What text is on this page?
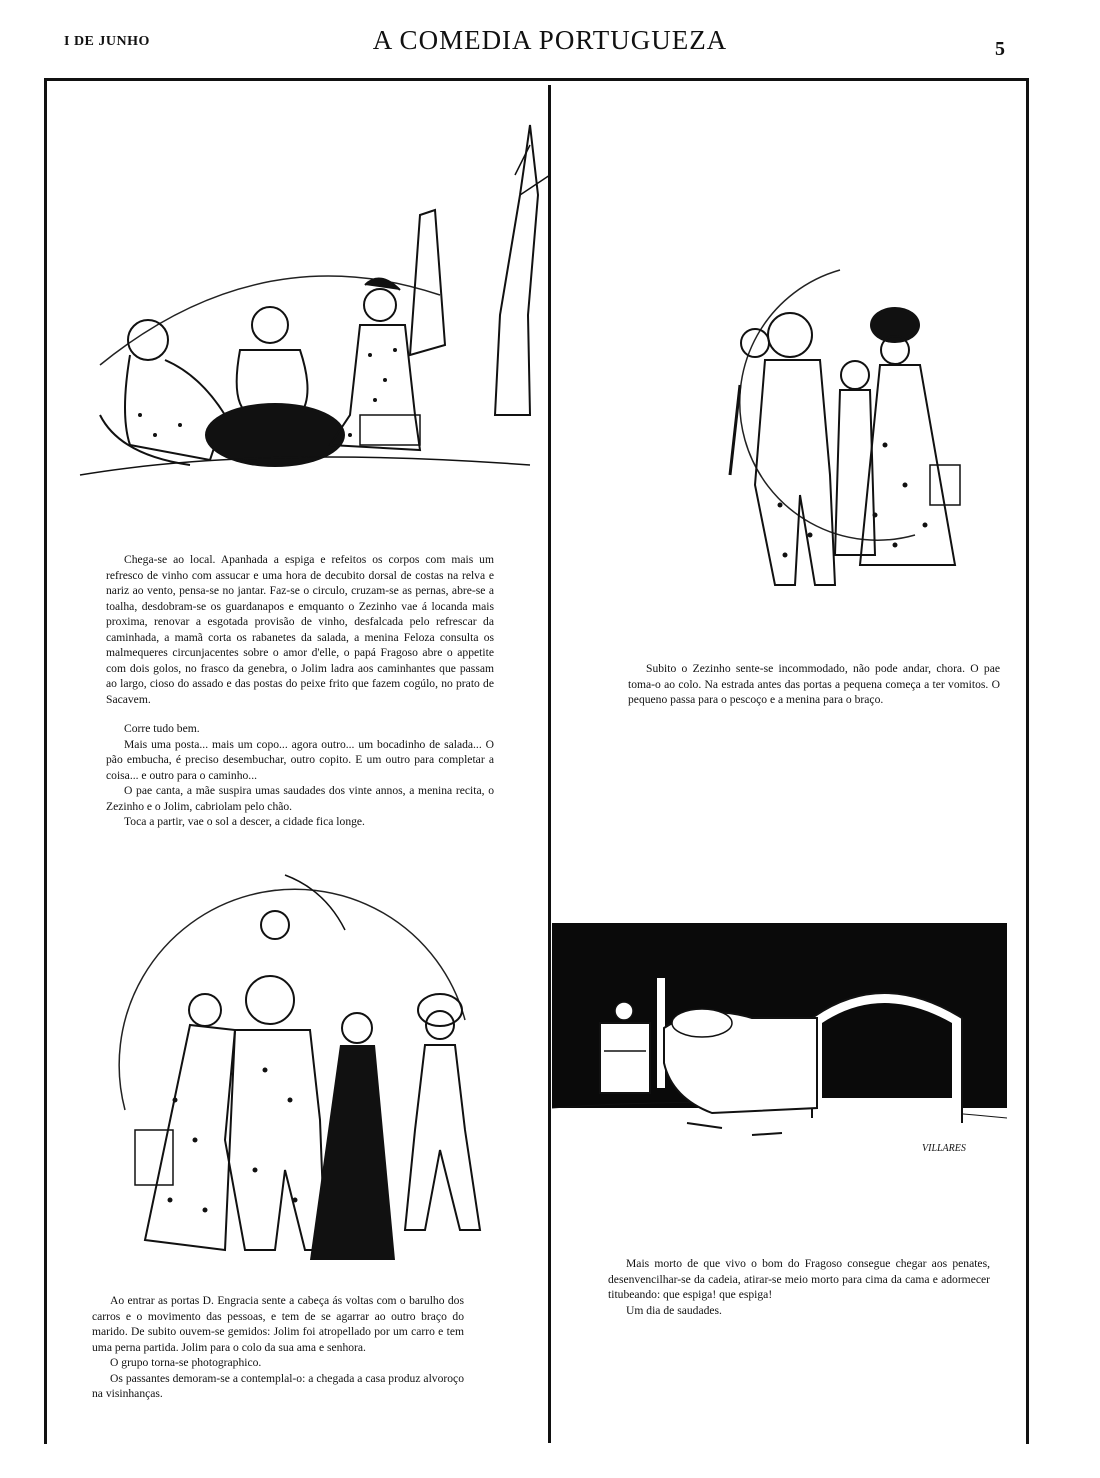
I DE JUNHO	A COMEDIA PORTUGUEZA	5

Chega-se ao local. Apanhada a espiga e refeitos os corpos com mais um refresco de vinho com assucar e uma hora de decubito dorsal de costas na relva e nariz ao vento, pensa-se no jantar. Faz-se o circulo, cruzam-se as pernas, abre-se a toalha, desdobram-se os guardanapos e emquanto o Zezinho vae á locanda mais proxima, renovar a esgotada provisão de vinho, desfalcada pelo refrescar da caminhada, a mamã corta os rabanetes da salada, a menina Feloza consulta os malmequeres circunjacentes sobre o amor d'elle, o papá Fragoso abre o appetite com dois golos, no frasco da genebra, o Jolim ladra aos caminhantes que passam ao largo, cioso do assado e das postas do peixe frito que fazem cogúlo, no prato de Sacavem.

Corre tudo bem.

Mais uma posta... mais um copo... agora outro... um bocadinho de salada... O pão embucha, é preciso desembuchar, outro copito. E um outro para completar a coisa... e outro para o caminho...

O pae canta, a mãe suspira umas saudades dos vinte annos, a menina recita, o Zezinho e o Jolim, cabriolam pelo chão.

Toca a partir, vae o sol a descer, a cidade fica longe.

Subito o Zezinho sente-se incommodado, não pode andar, chora. O pae toma-o ao colo. Na estrada antes das portas a pequena começa a ter vomitos. O pequeno passa para o pescoço e a menina para o braço.

Ao entrar as portas D. Engracia sente a cabeça ás voltas com o barulho dos carros e o movimento das pessoas, e tem de se agarrar ao outro braço do marido. De subito ouvem-se gemidos: Jolim foi atropellado por um carro e tem uma perna partida. Jolim para o colo da sua ama e senhora.

O grupo torna-se photographico.

Os passantes demoram-se a contemplal-o: a chegada a casa produz alvoroço na visinhanças.

VILLARES

Mais morto de que vivo o bom do Fragoso consegue chegar aos penates, desenvencilhar-se da cadeia, atirar-se meio morto para cima da cama e adormecer titubeando: que espiga! que espiga!

Um dia de saudades.
